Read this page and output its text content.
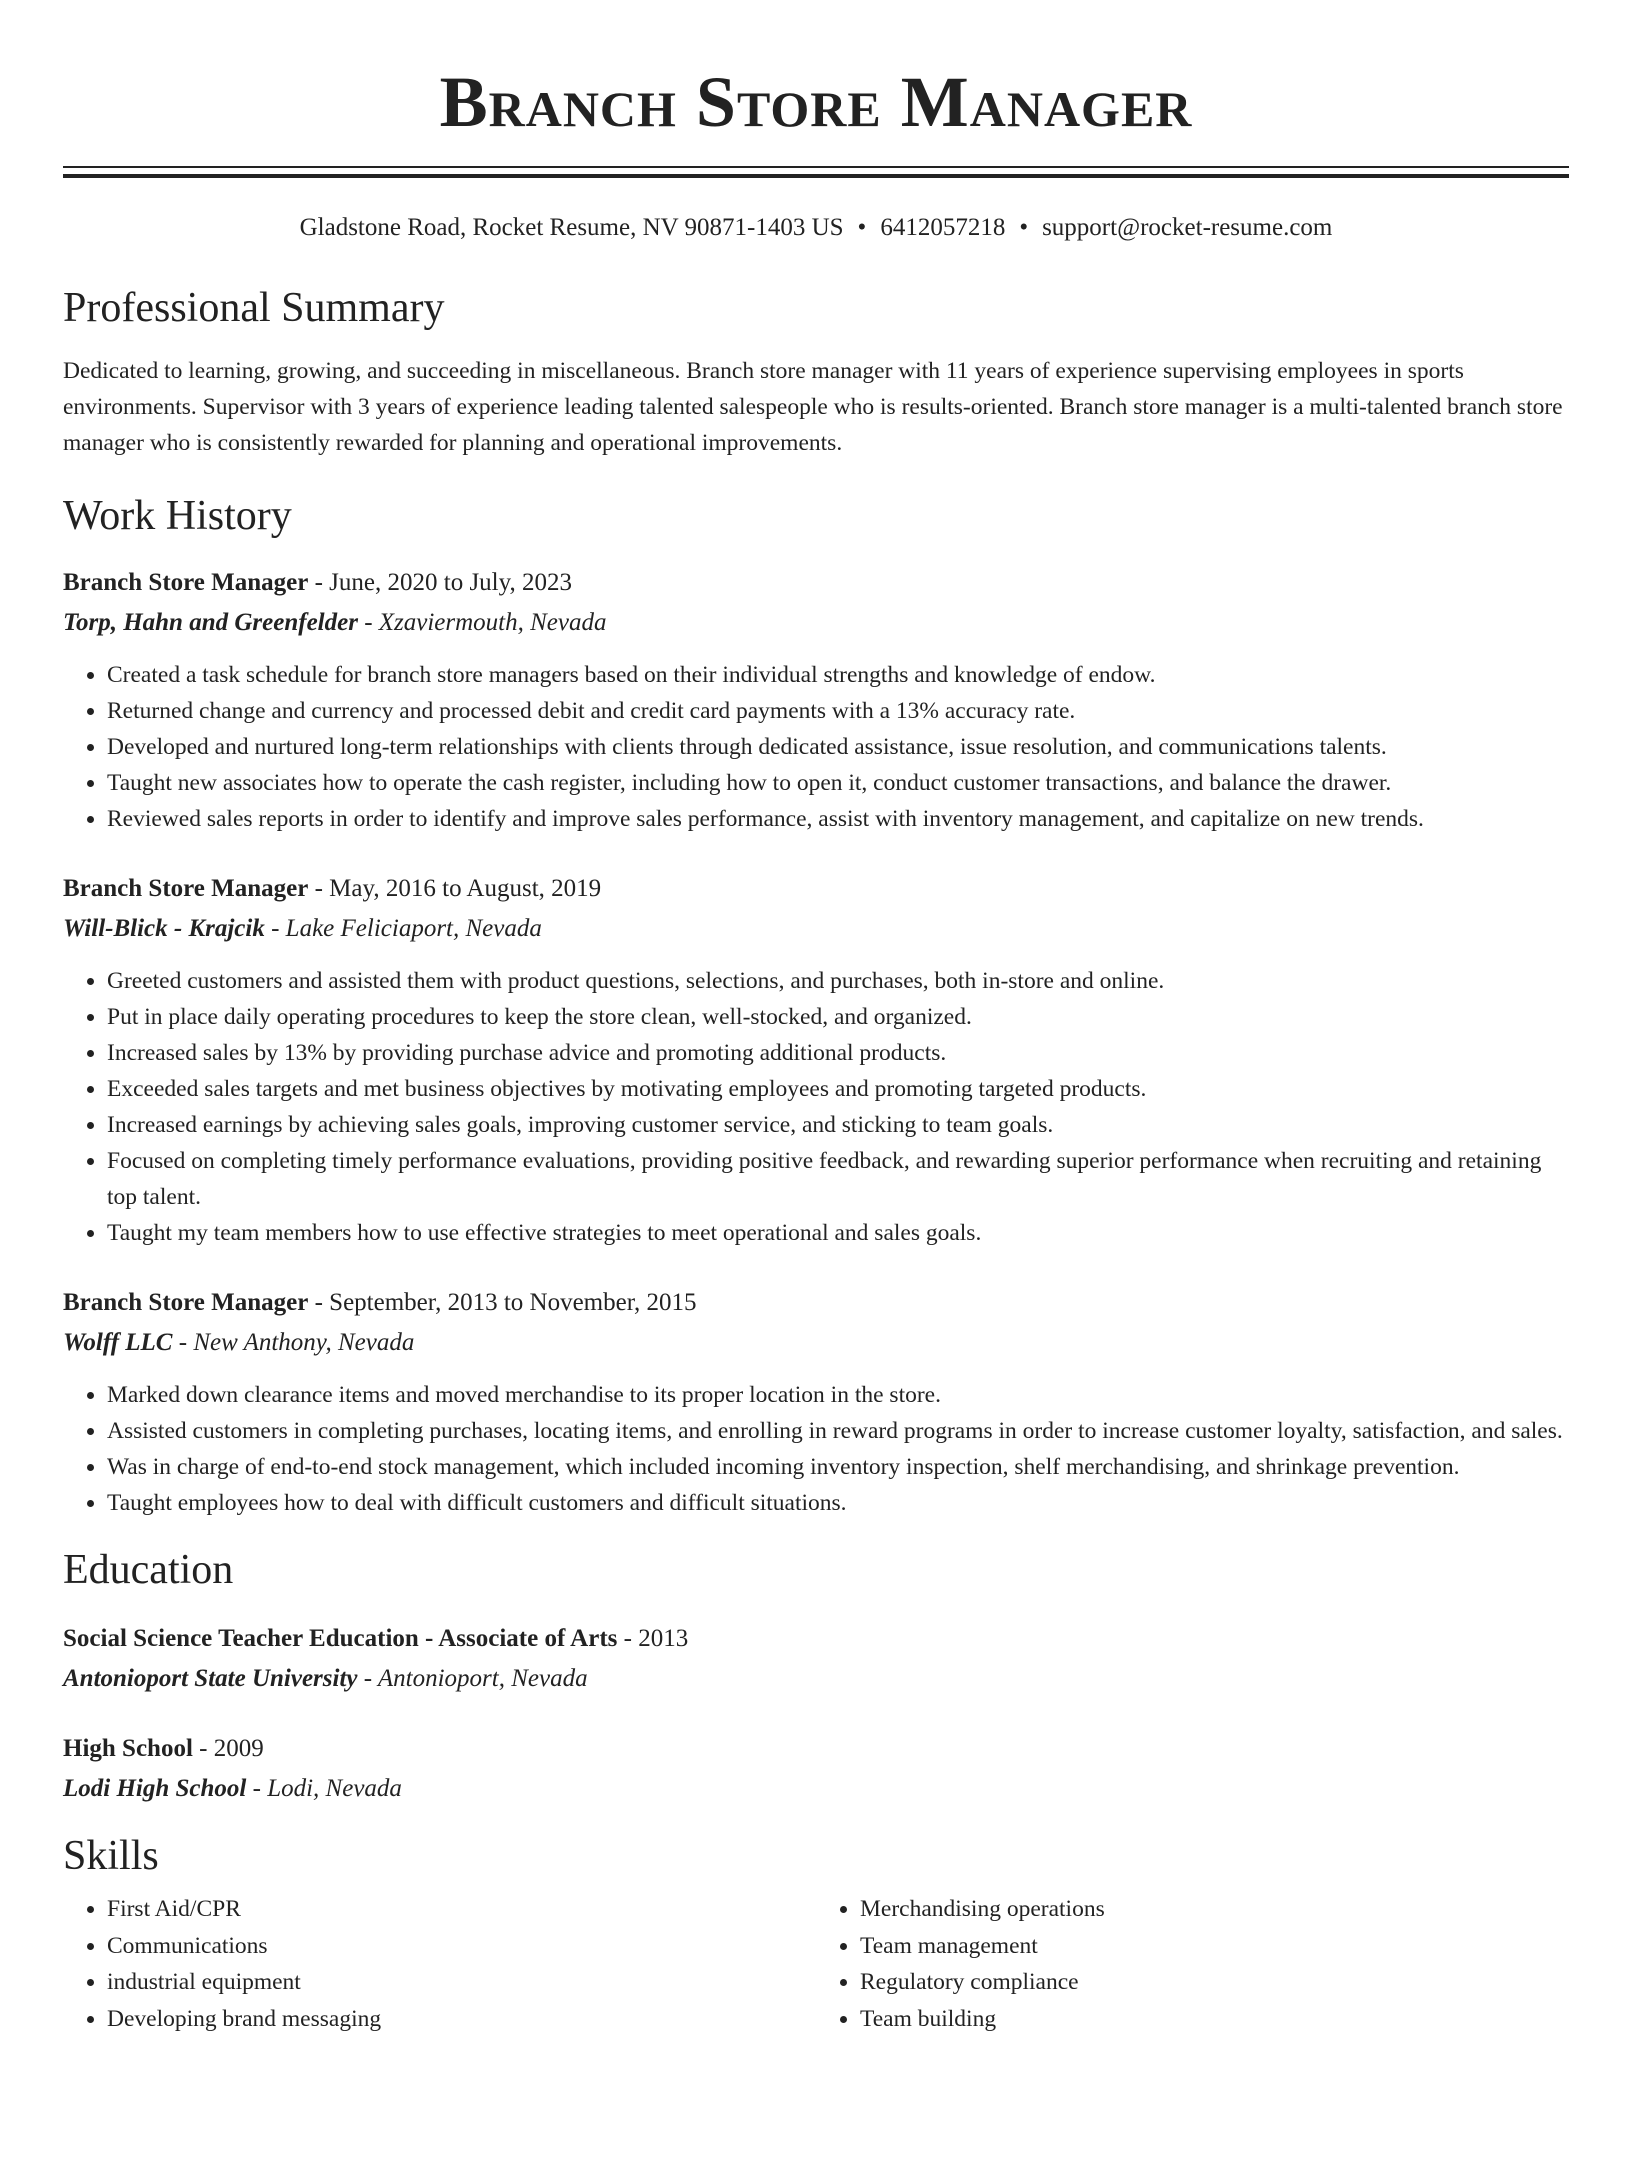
Branch Store Manager
Gladstone Road, Rocket Resume, NV 90871-1403 US • 6412057218 • support@rocket-resume.com
Professional Summary

Dedicated to learning, growing, and succeeding in miscellaneous. Branch store manager with 11 years of experience supervising employees in sports environments. Supervisor with 3 years of experience leading talented salespeople who is results-oriented. Branch store manager is a multi-talented branch store manager who is consistently rewarded for planning and operational improvements.

Work History
Branch Store Manager - June, 2020 to July, 2023
Torp, Hahn and Greenfelder - Xzaviermouth, Nevada
• Created a task schedule for branch store managers based on their individual strengths and knowledge of endow.
• Returned change and currency and processed debit and credit card payments with a 13% accuracy rate.
• Developed and nurtured long-term relationships with clients through dedicated assistance, issue resolution, and communications talents.
• Taught new associates how to operate the cash register, including how to open it, conduct customer transactions, and balance the drawer.
• Reviewed sales reports in order to identify and improve sales performance, assist with inventory management, and capitalize on new trends.
Branch Store Manager - May, 2016 to August, 2019
Will-Blick - Krajcik - Lake Feliciaport, Nevada
• Greeted customers and assisted them with product questions, selections, and purchases, both in-store and online.
• Put in place daily operating procedures to keep the store clean, well-stocked, and organized.
• Increased sales by 13% by providing purchase advice and promoting additional products.
• Exceeded sales targets and met business objectives by motivating employees and promoting targeted products.
• Increased earnings by achieving sales goals, improving customer service, and sticking to team goals.
• Focused on completing timely performance evaluations, providing positive feedback, and rewarding superior performance when recruiting and retaining top talent.
• Taught my team members how to use effective strategies to meet operational and sales goals.
Branch Store Manager - September, 2013 to November, 2015
Wolff LLC - New Anthony, Nevada
• Marked down clearance items and moved merchandise to its proper location in the store.
• Assisted customers in completing purchases, locating items, and enrolling in reward programs in order to increase customer loyalty, satisfaction, and sales.
• Was in charge of end-to-end stock management, which included incoming inventory inspection, shelf merchandising, and shrinkage prevention.
• Taught employees how to deal with difficult customers and difficult situations.
Education
Social Science Teacher Education - Associate of Arts - 2013
Antonioport State University - Antonioport, Nevada
High School - 2009
Lodi High School - Lodi, Nevada
Skills
• First Aid/CPR
• Communications
• industrial equipment
• Developing brand messaging
• Merchandising operations
• Team management
• Regulatory compliance
• Team building
